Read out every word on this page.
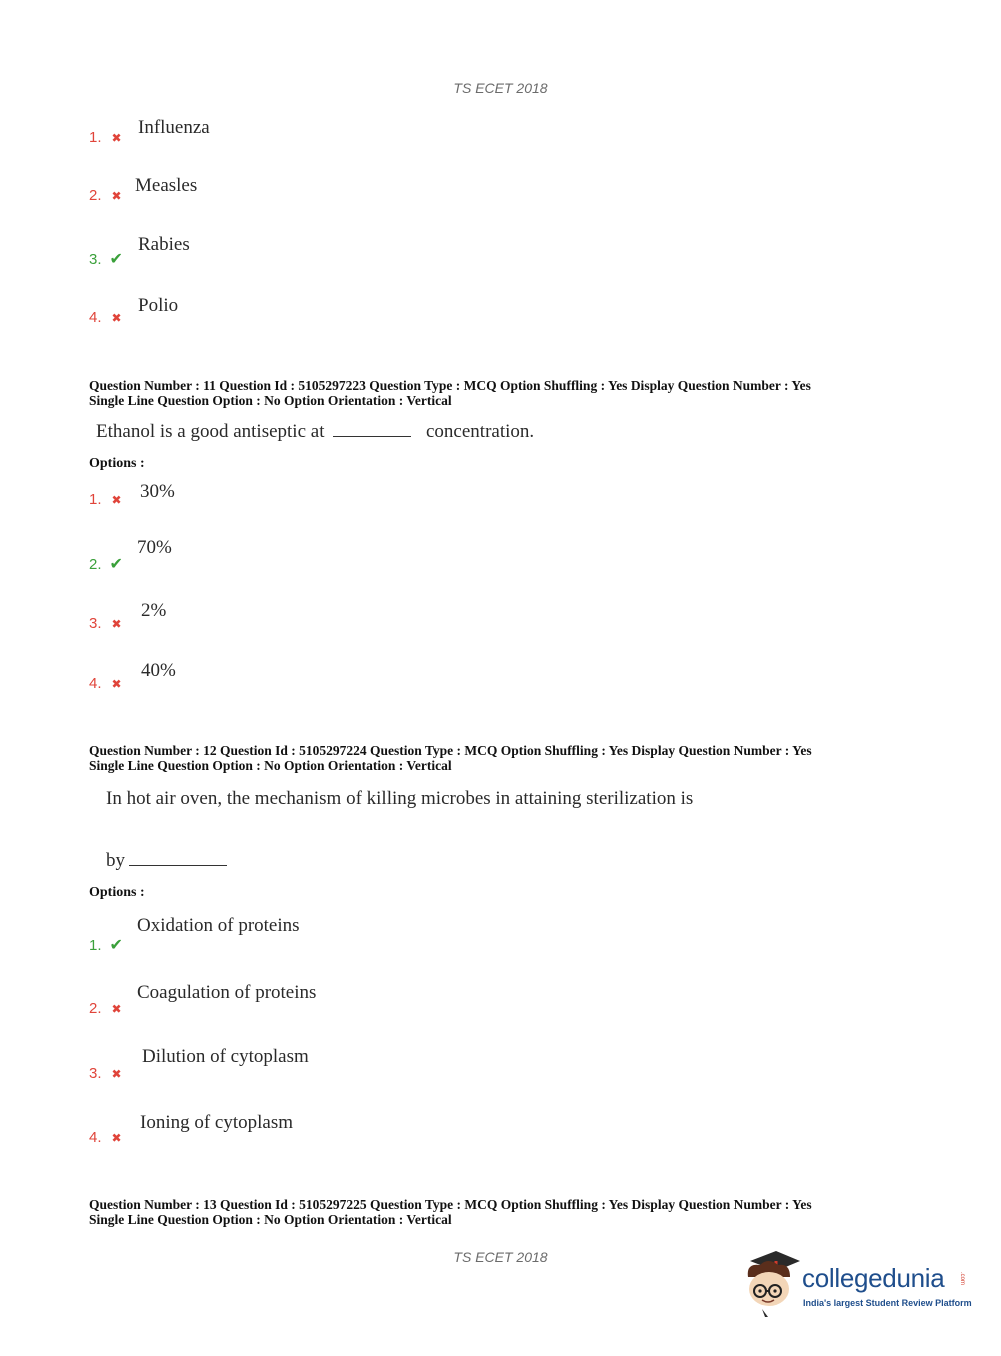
TS ECET 2018
1. ✖ Influenza
2. ✖ Measles
3. ✔
Rabies
4. ✖
Polio
Question Number : 11 Question Id : 5105297223 Question Type : MCQ Option Shuffling : Yes Display Question Number : Yes
Single Line Question Option : No Option Orientation : Vertical
Ethanol is a good antiseptic at	concentration.
Options :
1. ✖ 30%
2. ✔
70%
3. ✖
2%
4. ✖
40%
Question Number : 12 Question Id : 5105297224 Question Type : MCQ Option Shuffling : Yes Display Question Number : Yes
Single Line Question Option : No Option Orientation : Vertical
In hot air oven, the mechanism of killing microbes in attaining sterilization is
by
Options :
1. ✔
Oxidation of proteins
2. ✖
Coagulation of proteins
3. ✖
Dilution of cytoplasm
4. ✖
Ioning of cytoplasm
Question Number : 13 Question Id : 5105297225 Question Type : MCQ Option Shuffling : Yes Display Question Number : Yes
Single Line Question Option : No Option Orientation : Vertical
TS ECET 2018
collegedunia .com
India's largest Student Review Platform
